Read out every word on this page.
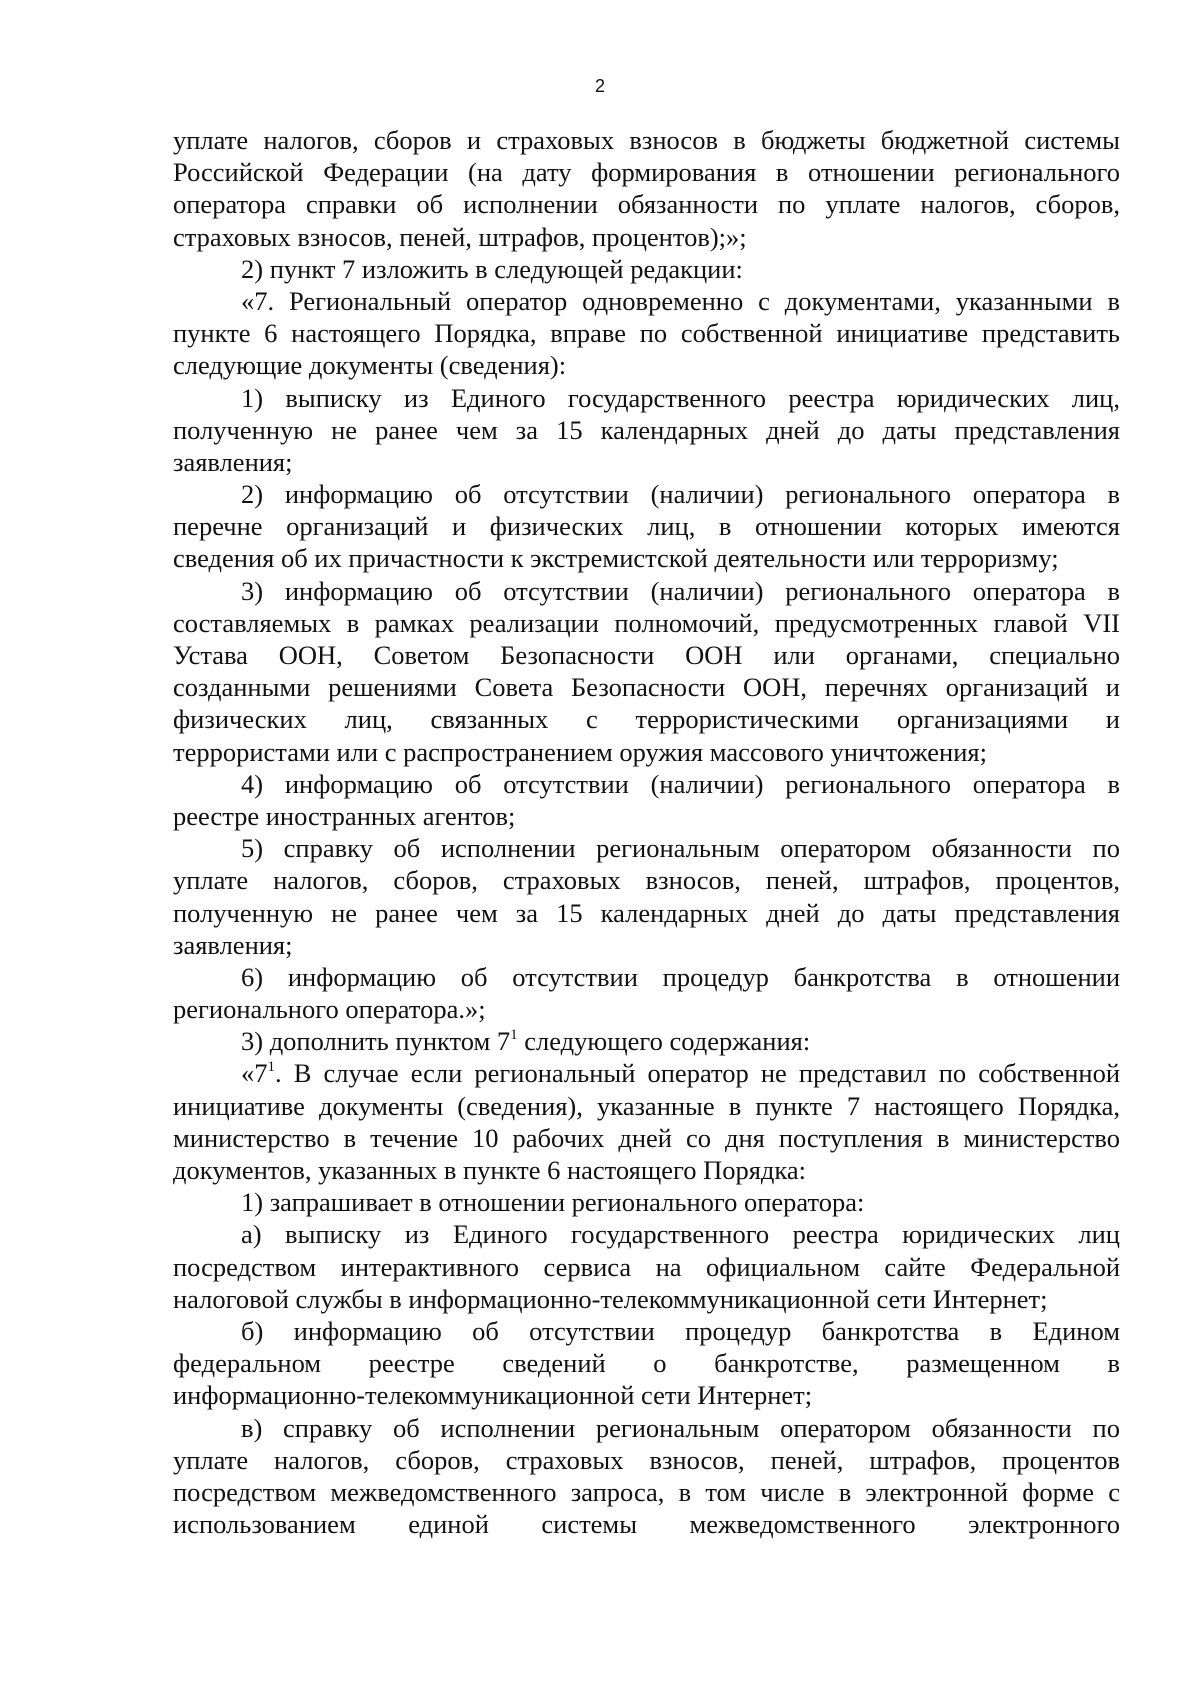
2
уплате налогов, сборов и страховых взносов в бюджеты бюджетной системы
Российской Федерации (на дату формирования в отношении регионального
оператора справки об исполнении обязанности по уплате налогов, сборов,
страховых взносов, пеней, штрафов, процентов);»;
2) пункт 7 изложить в следующей редакции:
«7. Региональный оператор одновременно с документами, указанными в
пункте 6 настоящего Порядка, вправе по собственной инициативе представить
следующие документы (сведения):
1) выписку из Единого государственного реестра юридических лиц,
полученную не ранее чем за 15 календарных дней до даты представления
заявления;
2) информацию об отсутствии (наличии) регионального оператора в
перечне организаций и физических лиц, в отношении которых имеются
сведения об их причастности к экстремистской деятельности или терроризму;
3) информацию об отсутствии (наличии) регионального оператора в
составляемых в рамках реализации полномочий, предусмотренных главой VII
Устава ООН, Советом Безопасности ООН или органами, специально
созданными решениями Совета Безопасности ООН, перечнях организаций и
физических лиц, связанных с террористическими организациями и
террористами или с распространением оружия массового уничтожения;
4) информацию об отсутствии (наличии) регионального оператора в
реестре иностранных агентов;
5) справку об исполнении региональным оператором обязанности по
уплате налогов, сборов, страховых взносов, пеней, штрафов, процентов,
полученную не ранее чем за 15 календарных дней до даты представления
заявления;
6) информацию об отсутствии процедур банкротства в отношении
регионального оператора.»;
3) дополнить пунктом $7^1$ следующего содержания:
«$7^1$. В случае если региональный оператор не представил по собственной
инициативе документы (сведения), указанные в пункте 7 настоящего Порядка,
министерство в течение 10 рабочих дней со дня поступления в министерство
документов, указанных в пункте 6 настоящего Порядка:
1) запрашивает в отношении регионального оператора:
а) выписку из Единого государственного реестра юридических лиц
посредством интерактивного сервиса на официальном сайте Федеральной
налоговой службы в информационно-телекоммуникационной сети Интернет;
б) информацию об отсутствии процедур банкротства в Едином
федеральном реестре сведений о банкротстве, размещенном в
информационно-телекоммуникационной сети Интернет;
в) справку об исполнении региональным оператором обязанности по
уплате налогов, сборов, страховых взносов, пеней, штрафов, процентов
посредством межведомственного запроса, в том числе в электронной форме с
использованием единой системы межведомственного электронного
